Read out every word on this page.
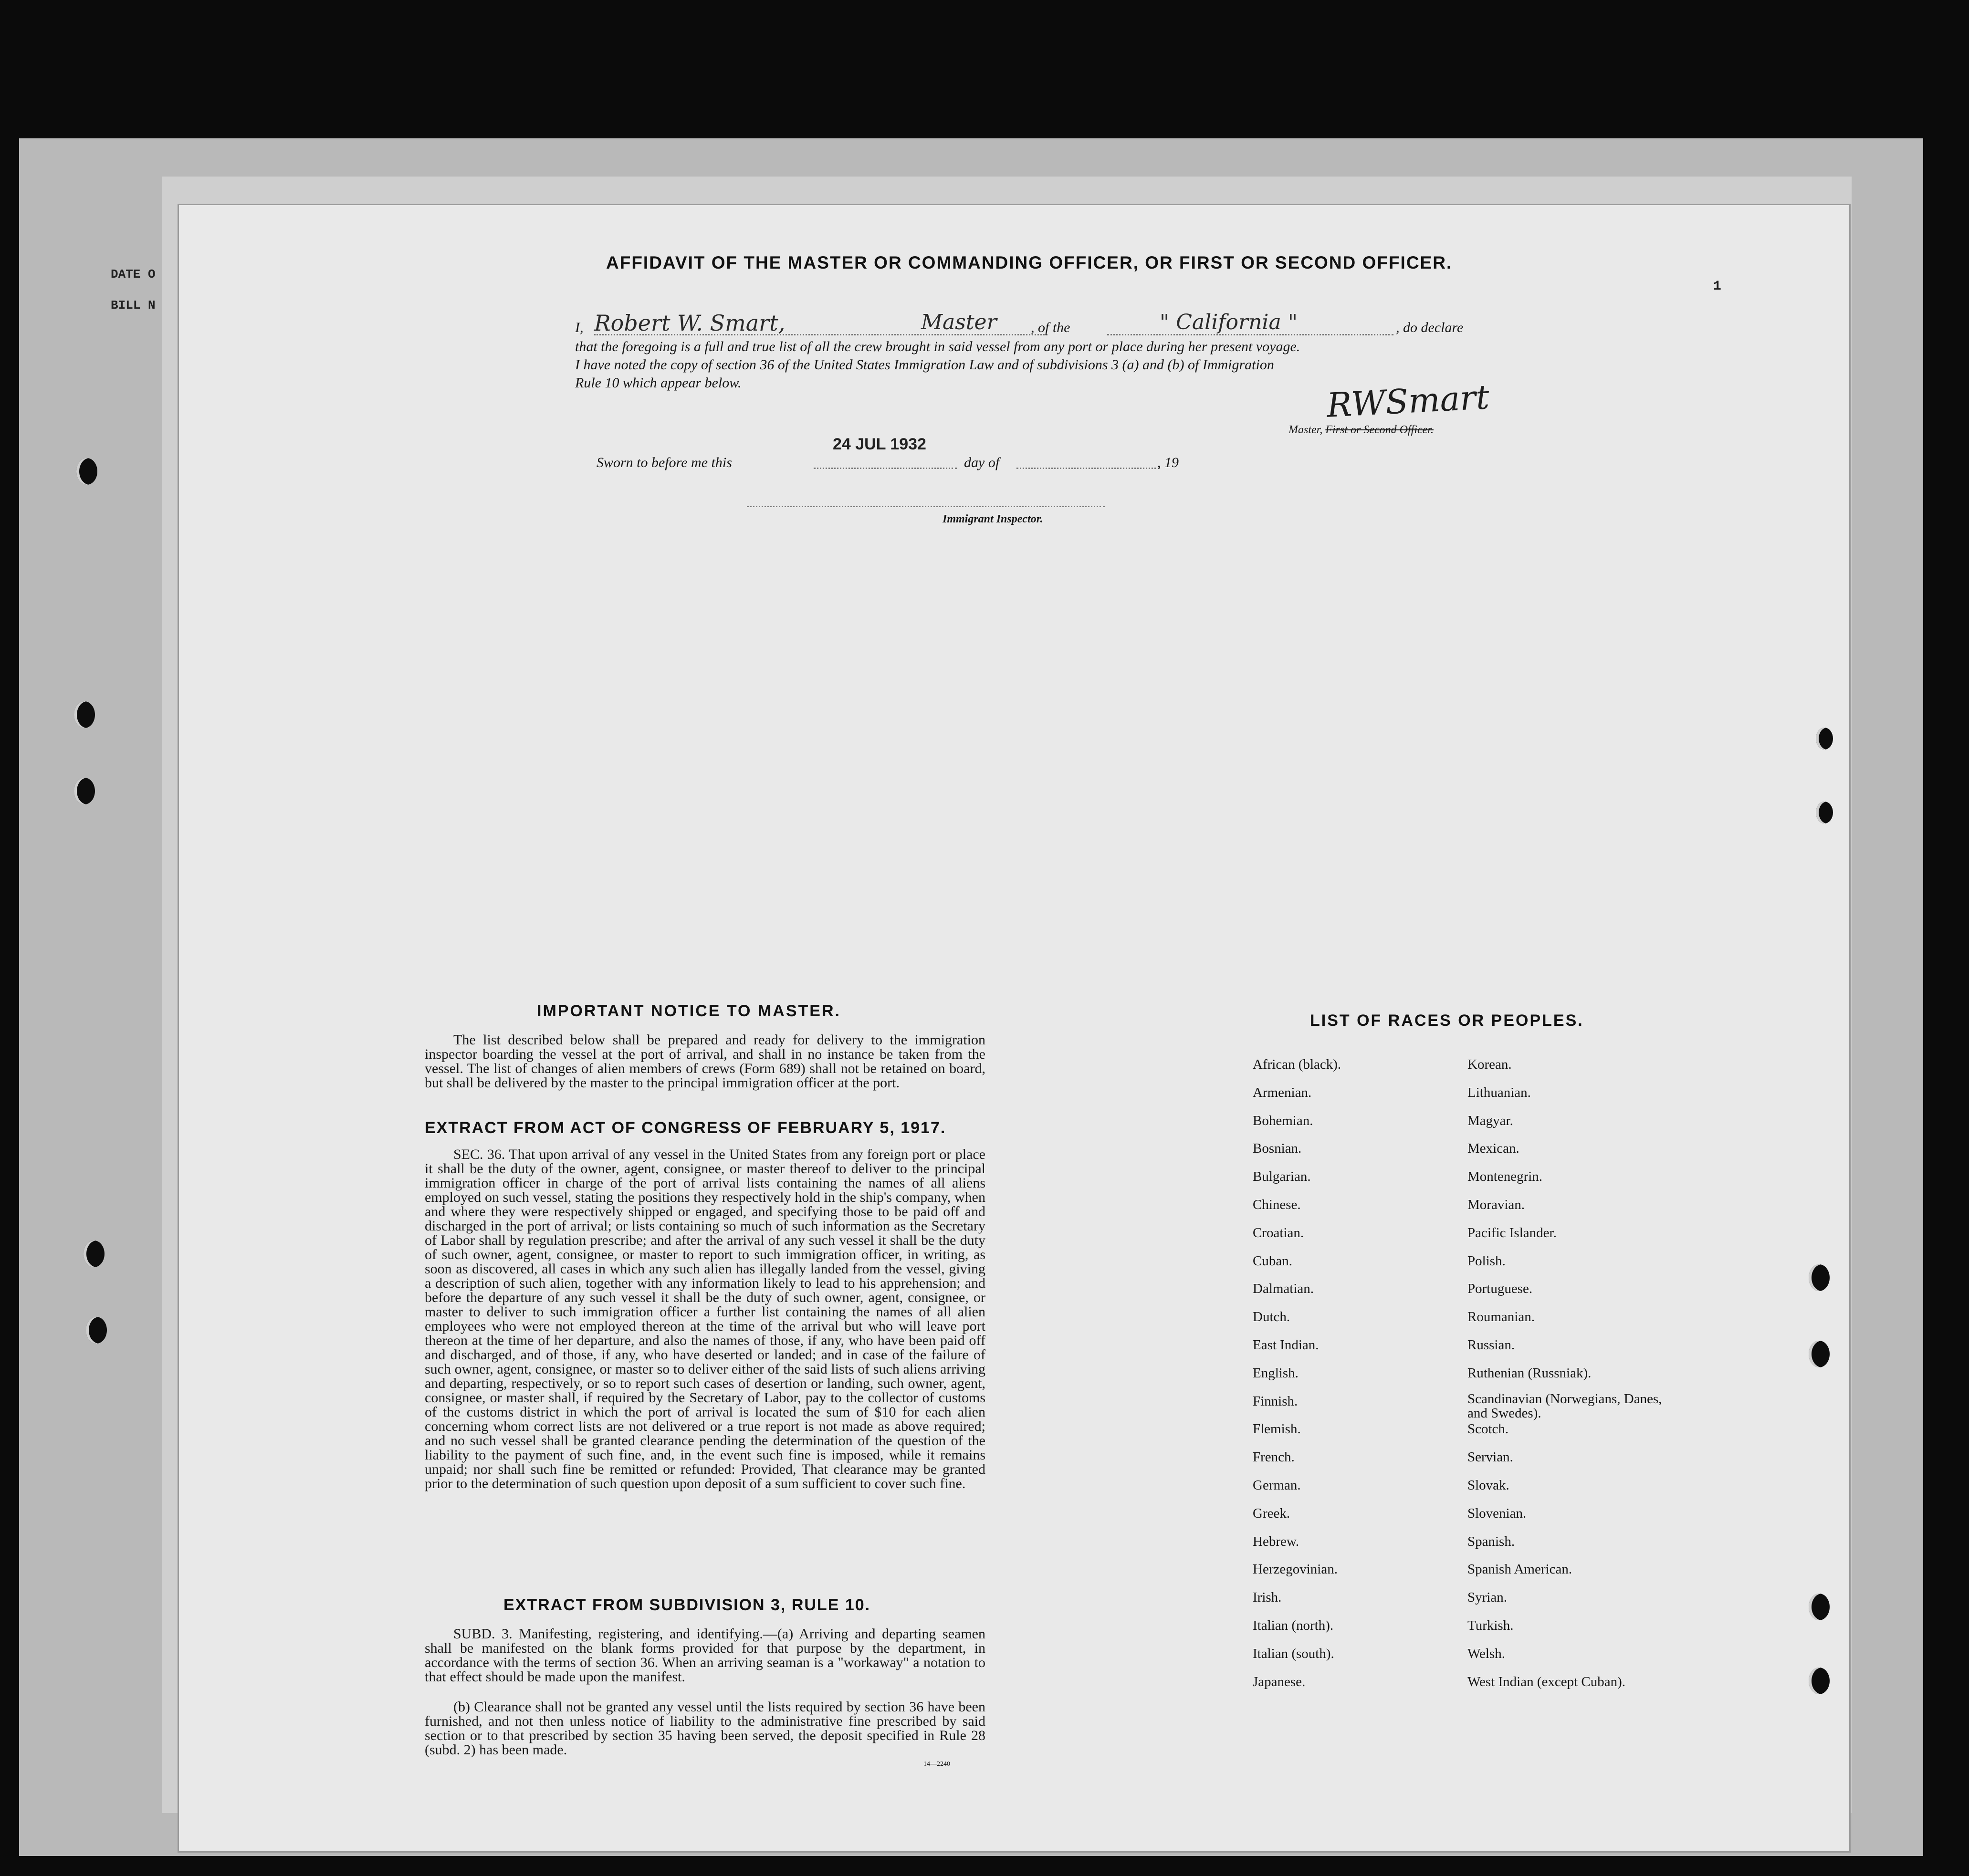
DATE O
BILL N
1
AFFIDAVIT OF THE MASTER OR COMMANDING OFFICER, OR FIRST OR SECOND OFFICER.
I, Robert W. Smart,	Master , of the	" California "	, do declare
that the foregoing is a full and true list of all the crew brought in said vessel from any port or place during her present voyage.
I have noted the copy of section 36 of the United States Immigration Law and of subdivisions 3 (a) and (b) of Immigration
Rule 10 which appear below.	RWSmart
Master, First or Second Officer.
24 JUL 1932
Sworn to before me this	day of	, 19
Immigrant Inspector.
IMPORTANT NOTICE TO MASTER.
The list described below shall be prepared and ready for delivery to the immigration inspector boarding the vessel at the port of arrival, and shall in no instance be taken from the vessel. The list of changes of alien members of crews (Form 689) shall not be retained on board, but shall be delivered by the master to the principal immigration officer at the port.
EXTRACT FROM ACT OF CONGRESS OF FEBRUARY 5, 1917.
SEC. 36. That upon arrival of any vessel in the United States from any foreign port or place it shall be the duty of the owner, agent, consignee, or master thereof to deliver to the principal immigration officer in charge of the port of arrival lists containing the names of all aliens employed on such vessel, stating the positions they respectively hold in the ship's company, when and where they were respectively shipped or engaged, and specifying those to be paid off and discharged in the port of arrival; or lists containing so much of such information as the Secretary of Labor shall by regulation prescribe; and after the arrival of any such vessel it shall be the duty of such owner, agent, consignee, or master to report to such immigration officer, in writing, as soon as discovered, all cases in which any such alien has illegally landed from the vessel, giving a description of such alien, together with any information likely to lead to his apprehension; and before the departure of any such vessel it shall be the duty of such owner, agent, consignee, or master to deliver to such immigration officer a further list containing the names of all alien employees who were not employed thereon at the time of the arrival but who will leave port thereon at the time of her departure, and also the names of those, if any, who have been paid off and discharged, and of those, if any, who have deserted or landed; and in case of the failure of such owner, agent, consignee, or master so to deliver either of the said lists of such aliens arriving and departing, respectively, or so to report such cases of desertion or landing, such owner, agent, consignee, or master shall, if required by the Secretary of Labor, pay to the collector of customs of the customs district in which the port of arrival is located the sum of $10 for each alien concerning whom correct lists are not delivered or a true report is not made as above required; and no such vessel shall be granted clearance pending the determination of the question of the liability to the payment of such fine, and, in the event such fine is imposed, while it remains unpaid; nor shall such fine be remitted or refunded: Provided, That clearance may be granted prior to the determination of such question upon deposit of a sum sufficient to cover such fine.
EXTRACT FROM SUBDIVISION 3, RULE 10.
SUBD. 3. Manifesting, registering, and identifying.—(a) Arriving and departing seamen shall be manifested on the blank forms provided for that purpose by the department, in accordance with the terms of section 36. When an arriving seaman is a "workaway" a notation to that effect should be made upon the manifest.
(b) Clearance shall not be granted any vessel until the lists required by section 36 have been furnished, and not then unless notice of liability to the administrative fine prescribed by said section or to that prescribed by section 35 having been served, the deposit specified in Rule 28 (subd. 2) has been made.
14—2240
LIST OF RACES OR PEOPLES.
African (black).
Armenian.
Bohemian.
Bosnian.
Bulgarian.
Chinese.
Croatian.
Cuban.
Dalmatian.
Dutch.
East Indian.
English.
Finnish.
Flemish.
French.
German.
Greek.
Hebrew.
Herzegovinian.
Irish.
Italian (north).
Italian (south).
Japanese.
Korean.
Lithuanian.
Magyar.
Mexican.
Montenegrin.
Moravian.
Pacific Islander.
Polish.
Portuguese.
Roumanian.
Russian.
Ruthenian (Russniak).
Scandinavian (Norwegians, Danes, and Swedes).
Scotch.
Servian.
Slovak.
Slovenian.
Spanish.
Spanish American.
Syrian.
Turkish.
Welsh.
West Indian (except Cuban).
